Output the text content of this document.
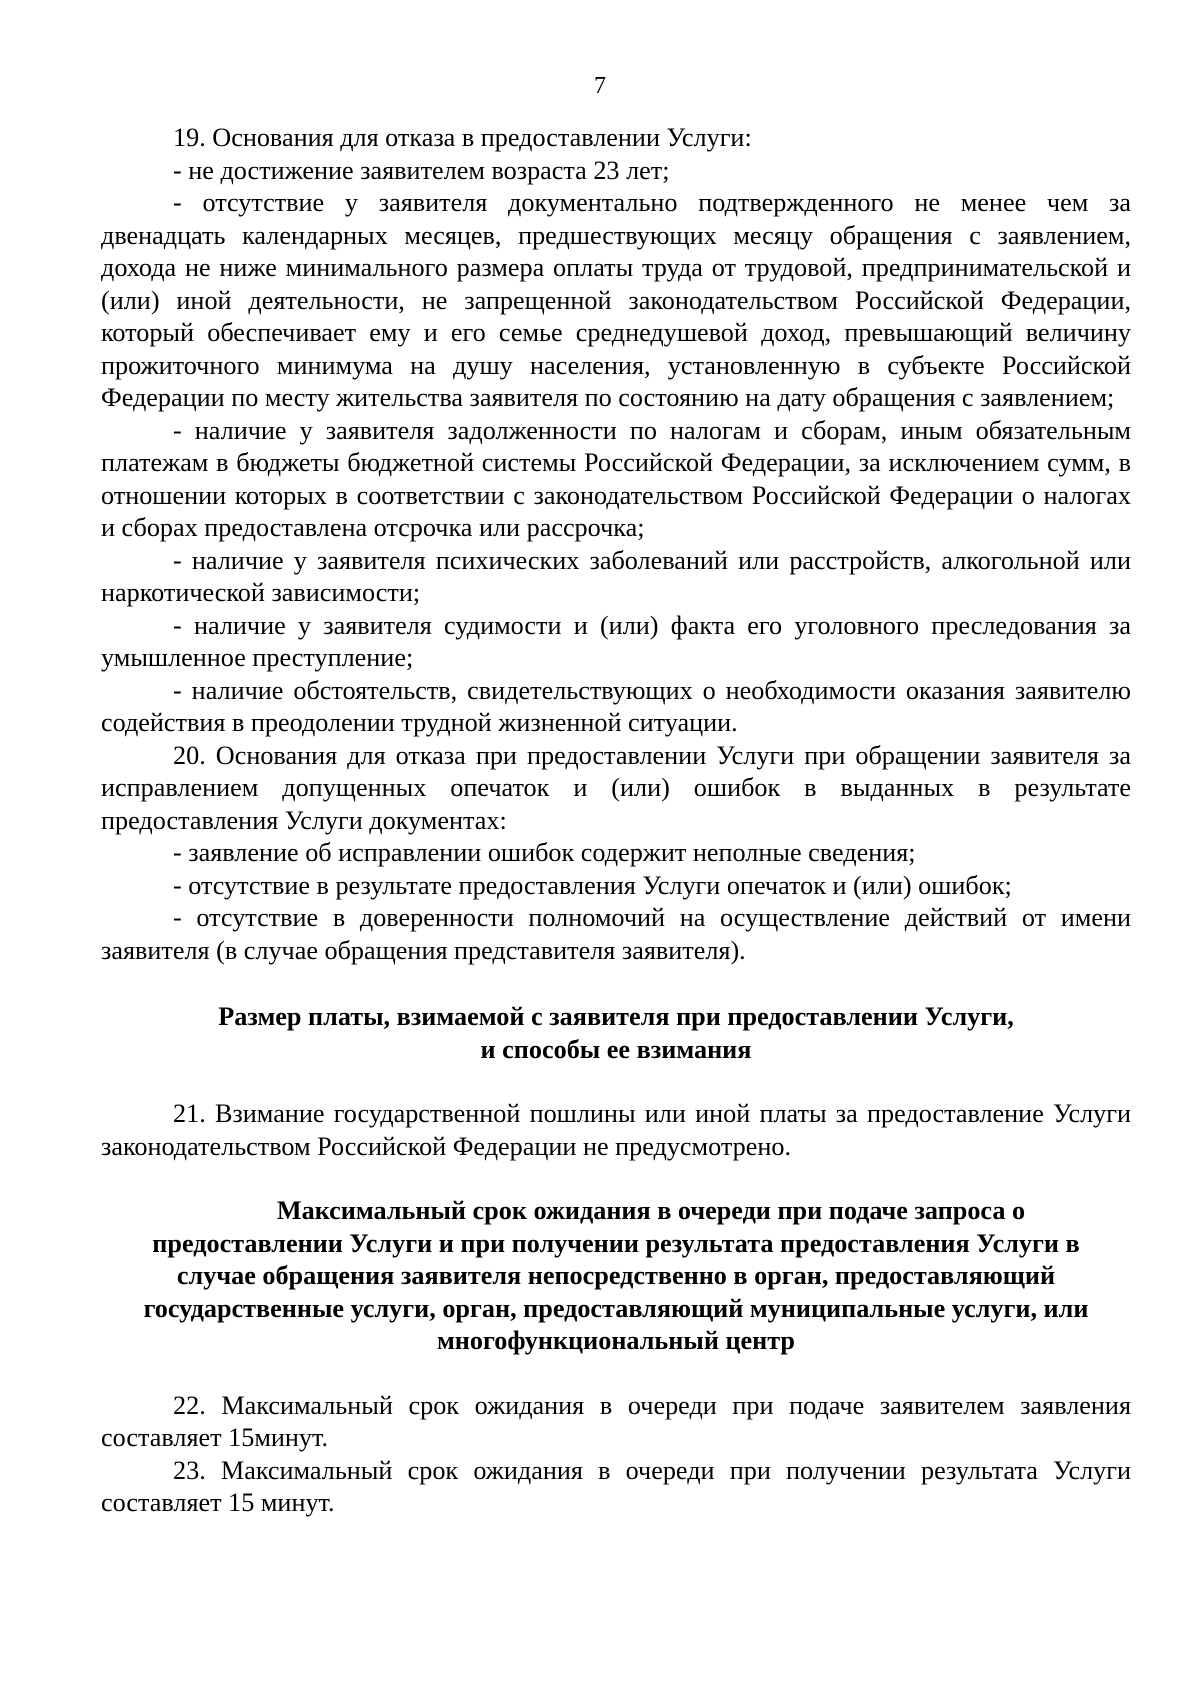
7

19. Основания для отказа в предоставлении Услуги:

- не достижение заявителем возраста 23 лет;

- отсутствие у заявителя документально подтвержденного не менее чем за двенадцать календарных месяцев, предшествующих месяцу обращения с заявлением, дохода не ниже минимального размера оплаты труда от трудовой, предпринимательской и (или) иной деятельности, не запрещенной законодательством Российской Федерации, который обеспечивает ему и его семье среднедушевой доход, превышающий величину прожиточного минимума на душу населения, установленную в субъекте Российской Федерации по месту жительства заявителя по состоянию на дату обращения с заявлением;

- наличие у заявителя задолженности по налогам и сборам, иным обязательным платежам в бюджеты бюджетной системы Российской Федерации, за исключением сумм, в отношении которых в соответствии с законодательством Российской Федерации о налогах и сборах предоставлена отсрочка или рассрочка;

- наличие у заявителя психических заболеваний или расстройств, алкогольной или наркотической зависимости;

- наличие у заявителя судимости и (или) факта его уголовного преследования за умышленное преступление;

- наличие обстоятельств, свидетельствующих о необходимости оказания заявителю содействия в преодолении трудной жизненной ситуации.

20. Основания для отказа при предоставлении Услуги при обращении заявителя за исправлением допущенных опечаток и (или) ошибок в выданных в результате предоставления Услуги документах:

- заявление об исправлении ошибок содержит неполные сведения;

- отсутствие в результате предоставления Услуги опечаток и (или) ошибок;

- отсутствие в доверенности полномочий на осуществление действий от имени заявителя (в случае обращения представителя заявителя).

Размер платы, взимаемой с заявителя при предоставлении Услуги,
и способы ее взимания

21. Взимание государственной пошлины или иной платы за предоставление Услуги законодательством Российской Федерации не предусмотрено.

Максимальный срок ожидания в очереди при подаче запроса о
предоставлении Услуги и при получении результата предоставления Услуги в
случае обращения заявителя непосредственно в орган, предоставляющий
государственные услуги, орган, предоставляющий муниципальные услуги, или
многофункциональный центр

22. Максимальный срок ожидания в очереди при подаче заявителем заявления составляет 15минут.

23. Максимальный срок ожидания в очереди при получении результата Услуги составляет 15 минут.
